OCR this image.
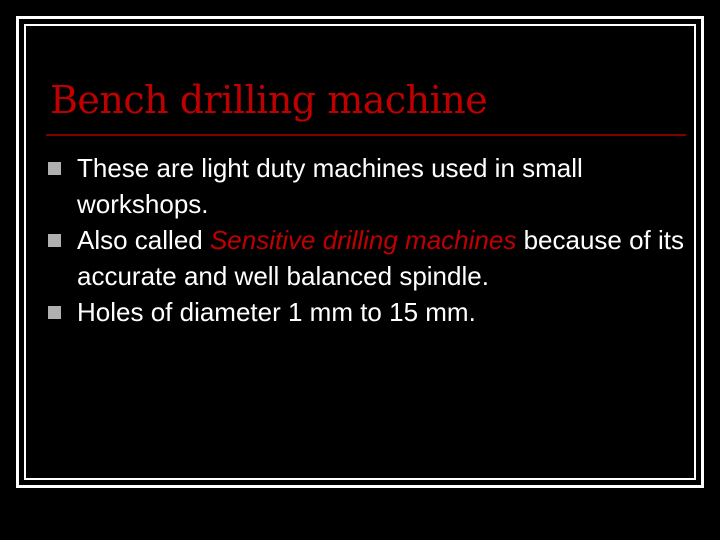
Bench drilling machine
These are light duty machines used in small workshops.
Also called Sensitive drilling machines because of its accurate and well balanced spindle.
Holes of diameter 1 mm to 15 mm.
